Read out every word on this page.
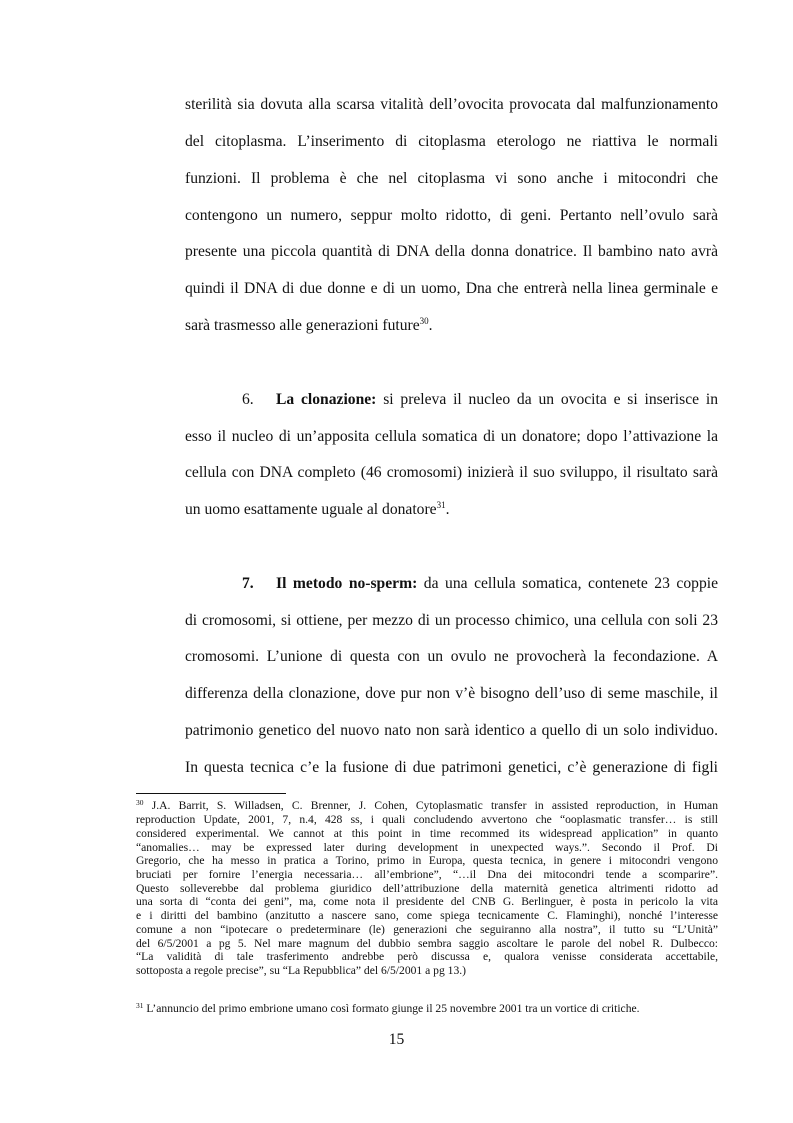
sterilità sia dovuta alla scarsa vitalità dell’ovocita provocata dal malfunzionamento
del citoplasma. L’inserimento di citoplasma eterologo ne riattiva le normali
funzioni. Il problema è che nel citoplasma vi sono anche i mitocondri che
contengono un numero, seppur molto ridotto, di geni. Pertanto nell’ovulo sarà
presente una piccola quantità di DNA della donna donatrice. Il bambino nato avrà
quindi il DNA di due donne e di un uomo, Dna che entrerà nella linea germinale e
sarà trasmesso alle generazioni future$^{30}$.
6. La clonazione: si preleva il nucleo da un ovocita e si inserisce in
esso il nucleo di un’apposita cellula somatica di un donatore; dopo l’attivazione la
cellula con DNA completo (46 cromosomi) inizierà il suo sviluppo, il risultato sarà
un uomo esattamente uguale al donatore$^{31}$.
7. Il metodo no-sperm: da una cellula somatica, contenete 23 coppie
di cromosomi, si ottiene, per mezzo di un processo chimico, una cellula con soli 23
cromosomi. L’unione di questa con un ovulo ne provocherà la fecondazione. A
differenza della clonazione, dove pur non v’è bisogno dell’uso di seme maschile, il
patrimonio genetico del nuovo nato non sarà identico a quello di un solo individuo.
In questa tecnica c’e la fusione di due patrimoni genetici, c’è generazione di figli
$^{30}$ J.A. Barrit, S. Willadsen, C. Brenner, J. Cohen, Cytoplasmatic transfer in assisted reproduction, in Human
reproduction Update, 2001, 7, n.4, 428 ss, i quali concludendo avvertono che “ooplasmatic transfer… is still
considered experimental. We cannot at this point in time recommed its widespread application” in quanto
“anomalies… may be expressed later during development in unexpected ways.”. Secondo il Prof. Di
Gregorio, che ha messo in pratica a Torino, primo in Europa, questa tecnica, in genere i mitocondri vengono
bruciati per fornire l’energia necessaria… all’embrione”, “…il Dna dei mitocondri tende a scomparire”.
Questo solleverebbe dal problema giuridico dell’attribuzione della maternità genetica altrimenti ridotto ad
una sorta di “conta dei geni”, ma, come nota il presidente del CNB G. Berlinguer, è posta in pericolo la vita
e i diritti del bambino (anzitutto a nascere sano, come spiega tecnicamente C. Flaminghi), nonché l’interesse
comune a non “ipotecare o predeterminare (le) generazioni che seguiranno alla nostra”, il tutto su “L’Unità”
del 6/5/2001 a pg 5. Nel mare magnum del dubbio sembra saggio ascoltare le parole del nobel R. Dulbecco:
“La validità di tale trasferimento andrebbe però discussa e, qualora venisse considerata accettabile,
sottoposta a regole precise”, su “La Repubblica” del 6/5/2001 a pg 13.)
$^{31}$ L’annuncio del primo embrione umano così formato giunge il 25 novembre 2001 tra un vortice di critiche.
15
